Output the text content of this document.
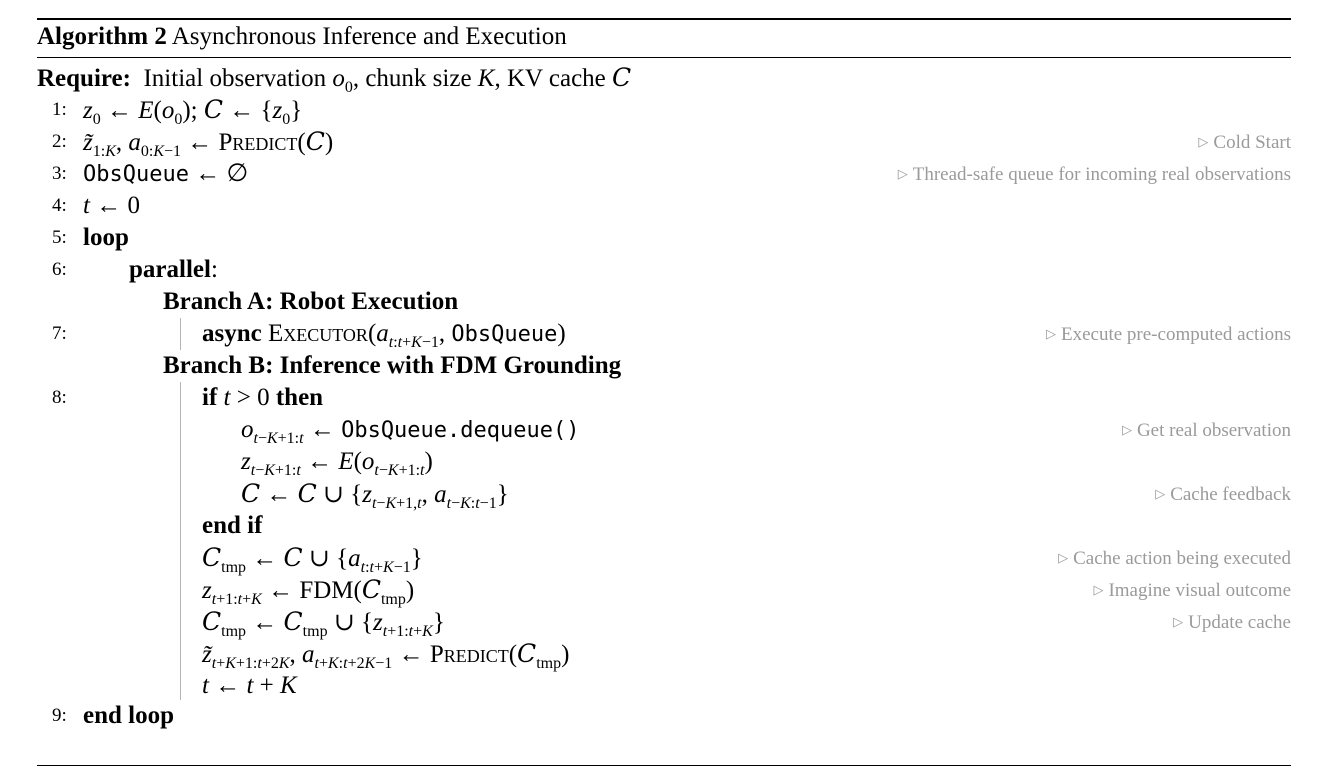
Algorithm 2 Asynchronous Inference and Execution
Require: Initial observation $o_0$, chunk size K, KV cache C
1: $z_0$ ← $E(o_0)$; C ← $\{z_0\}$
2: $z̃_{1:K}$, $a_{0:K-1}$ ← Predict(C)	▷ Cold Start
3: ObsQueue ← ∅	▷ Thread-safe queue for incoming real observations
4: t ← 0
5: loop
6: parallel:
Branch A: Robot Execution
7:	async $Executor(a_{t:t+K-1}$, ObsQueue)	▷ Execute pre-computed actions
Branch B: Inference with FDM Grounding
8:	if t > 0 then
$o_{t-K+1:t}$ ← ObsQueue.dequeue()	▷ Get real observation
$z_{t-K+1:t}$ ← $E(o_{t-K+1:t})$
C ← C ∪ {$z_{t-K+1,t}$, $a_{t-K:t-1}$}	▷ Cache feedback
end if
$C_{tmp}$ ← C ∪ $\{a_{t:t+K-1}\}$	▷ Cache action being executed
$z_{t+1:t+K}$ ← $FDM(C_{tmp})$	▷ Imagine visual outcome
$C_{tmp}$ ← $C_{tmp}$ ∪ $\{z_{t+1:t+K}\}$	▷ Update cache
$z̃_{t+K+1:t+2K}$, $a_{t+K:t+2K-1}$ ← $Predict(C_{tmp})$
t ← t + K
9: end loop
